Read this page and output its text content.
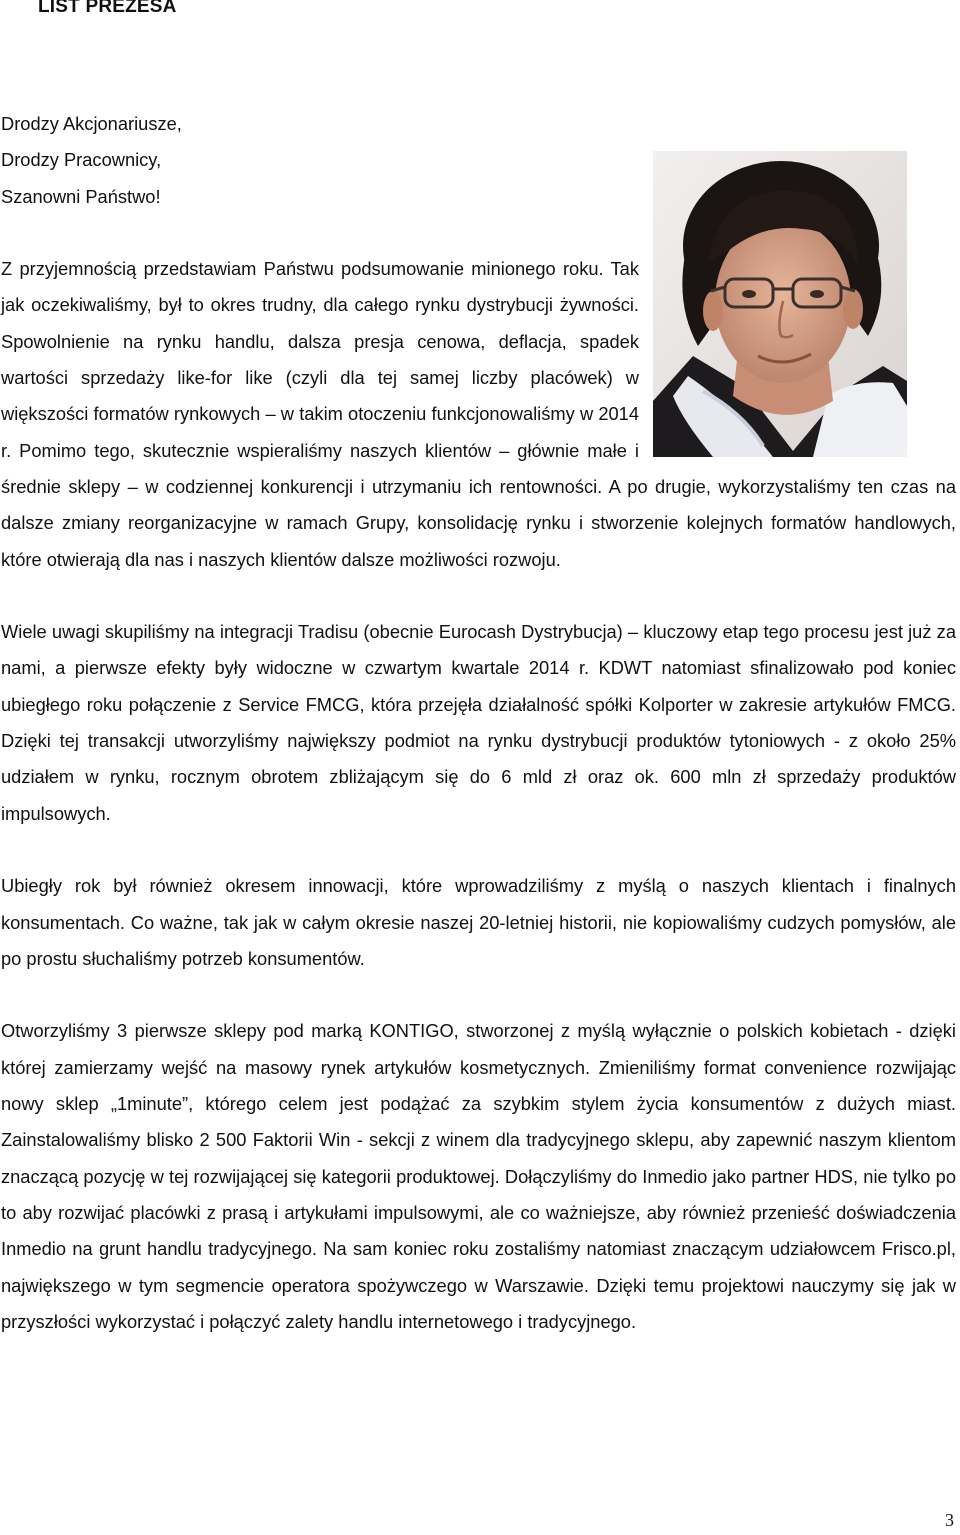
LIST PREZESA

Drodzy Akcjonariusze,
Drodzy Pracownicy,
Szanowni Państwo!

Z przyjemnością przedstawiam Państwu podsumowanie minionego roku. Tak jak oczekiwaliśmy, był to okres trudny, dla całego rynku dystrybucji żywności. Spowolnienie na rynku handlu, dalsza presja cenowa, deflacja, spadek wartości sprzedaży like-for like (czyli dla tej samej liczby placówek) w większości formatów rynkowych – w takim otoczeniu funkcjonowaliśmy w 2014 r. Pomimo tego, skutecznie wspieraliśmy naszych klientów – głównie małe i średnie sklepy – w codziennej konkurencji i utrzymaniu ich rentowności. A po drugie, wykorzystaliśmy ten czas na dalsze zmiany reorganizacyjne w ramach Grupy, konsolidację rynku i stworzenie kolejnych formatów handlowych, które otwierają dla nas i naszych klientów dalsze możliwości rozwoju.

Wiele uwagi skupiliśmy na integracji Tradisu (obecnie Eurocash Dystrybucja) – kluczowy etap tego procesu jest już za nami, a pierwsze efekty były widoczne w czwartym kwartale 2014 r. KDWT natomiast sfinalizowało pod koniec ubiegłego roku połączenie z Service FMCG, która przejęła działalność spółki Kolporter w zakresie artykułów FMCG. Dzięki tej transakcji utworzyliśmy największy podmiot na rynku dystrybucji produktów tytoniowych - z około 25% udziałem w rynku, rocznym obrotem zbliżającym się do 6 mld zł oraz ok. 600 mln zł sprzedaży produktów impulsowych.

Ubiegły rok był również okresem innowacji, które wprowadziliśmy z myślą o naszych klientach i finalnych konsumentach. Co ważne, tak jak w całym okresie naszej 20-letniej historii, nie kopiowaliśmy cudzych pomysłów, ale po prostu słuchaliśmy potrzeb konsumentów.

Otworzyliśmy 3 pierwsze sklepy pod marką KONTIGO, stworzonej z myślą wyłącznie o polskich kobietach - dzięki której zamierzamy wejść na masowy rynek artykułów kosmetycznych. Zmieniliśmy format convenience rozwijając nowy sklep „1minute”, którego celem jest podążać za szybkim stylem życia konsumentów z dużych miast. Zainstalowaliśmy blisko 2 500 Faktorii Win - sekcji z winem dla tradycyjnego sklepu, aby zapewnić naszym klientom znaczącą pozycję w tej rozwijającej się kategorii produktowej. Dołączyliśmy do Inmedio jako partner HDS, nie tylko po to aby rozwijać placówki z prasą i artykułami impulsowymi, ale co ważniejsze, aby również przenieść doświadczenia Inmedio na grunt handlu tradycyjnego. Na sam koniec roku zostaliśmy natomiast znaczącym udziałowcem Frisco.pl, największego w tym segmencie operatora spożywczego w Warszawie. Dzięki temu projektowi nauczymy się jak w przyszłości wykorzystać i połączyć zalety handlu internetowego i tradycyjnego.

3
